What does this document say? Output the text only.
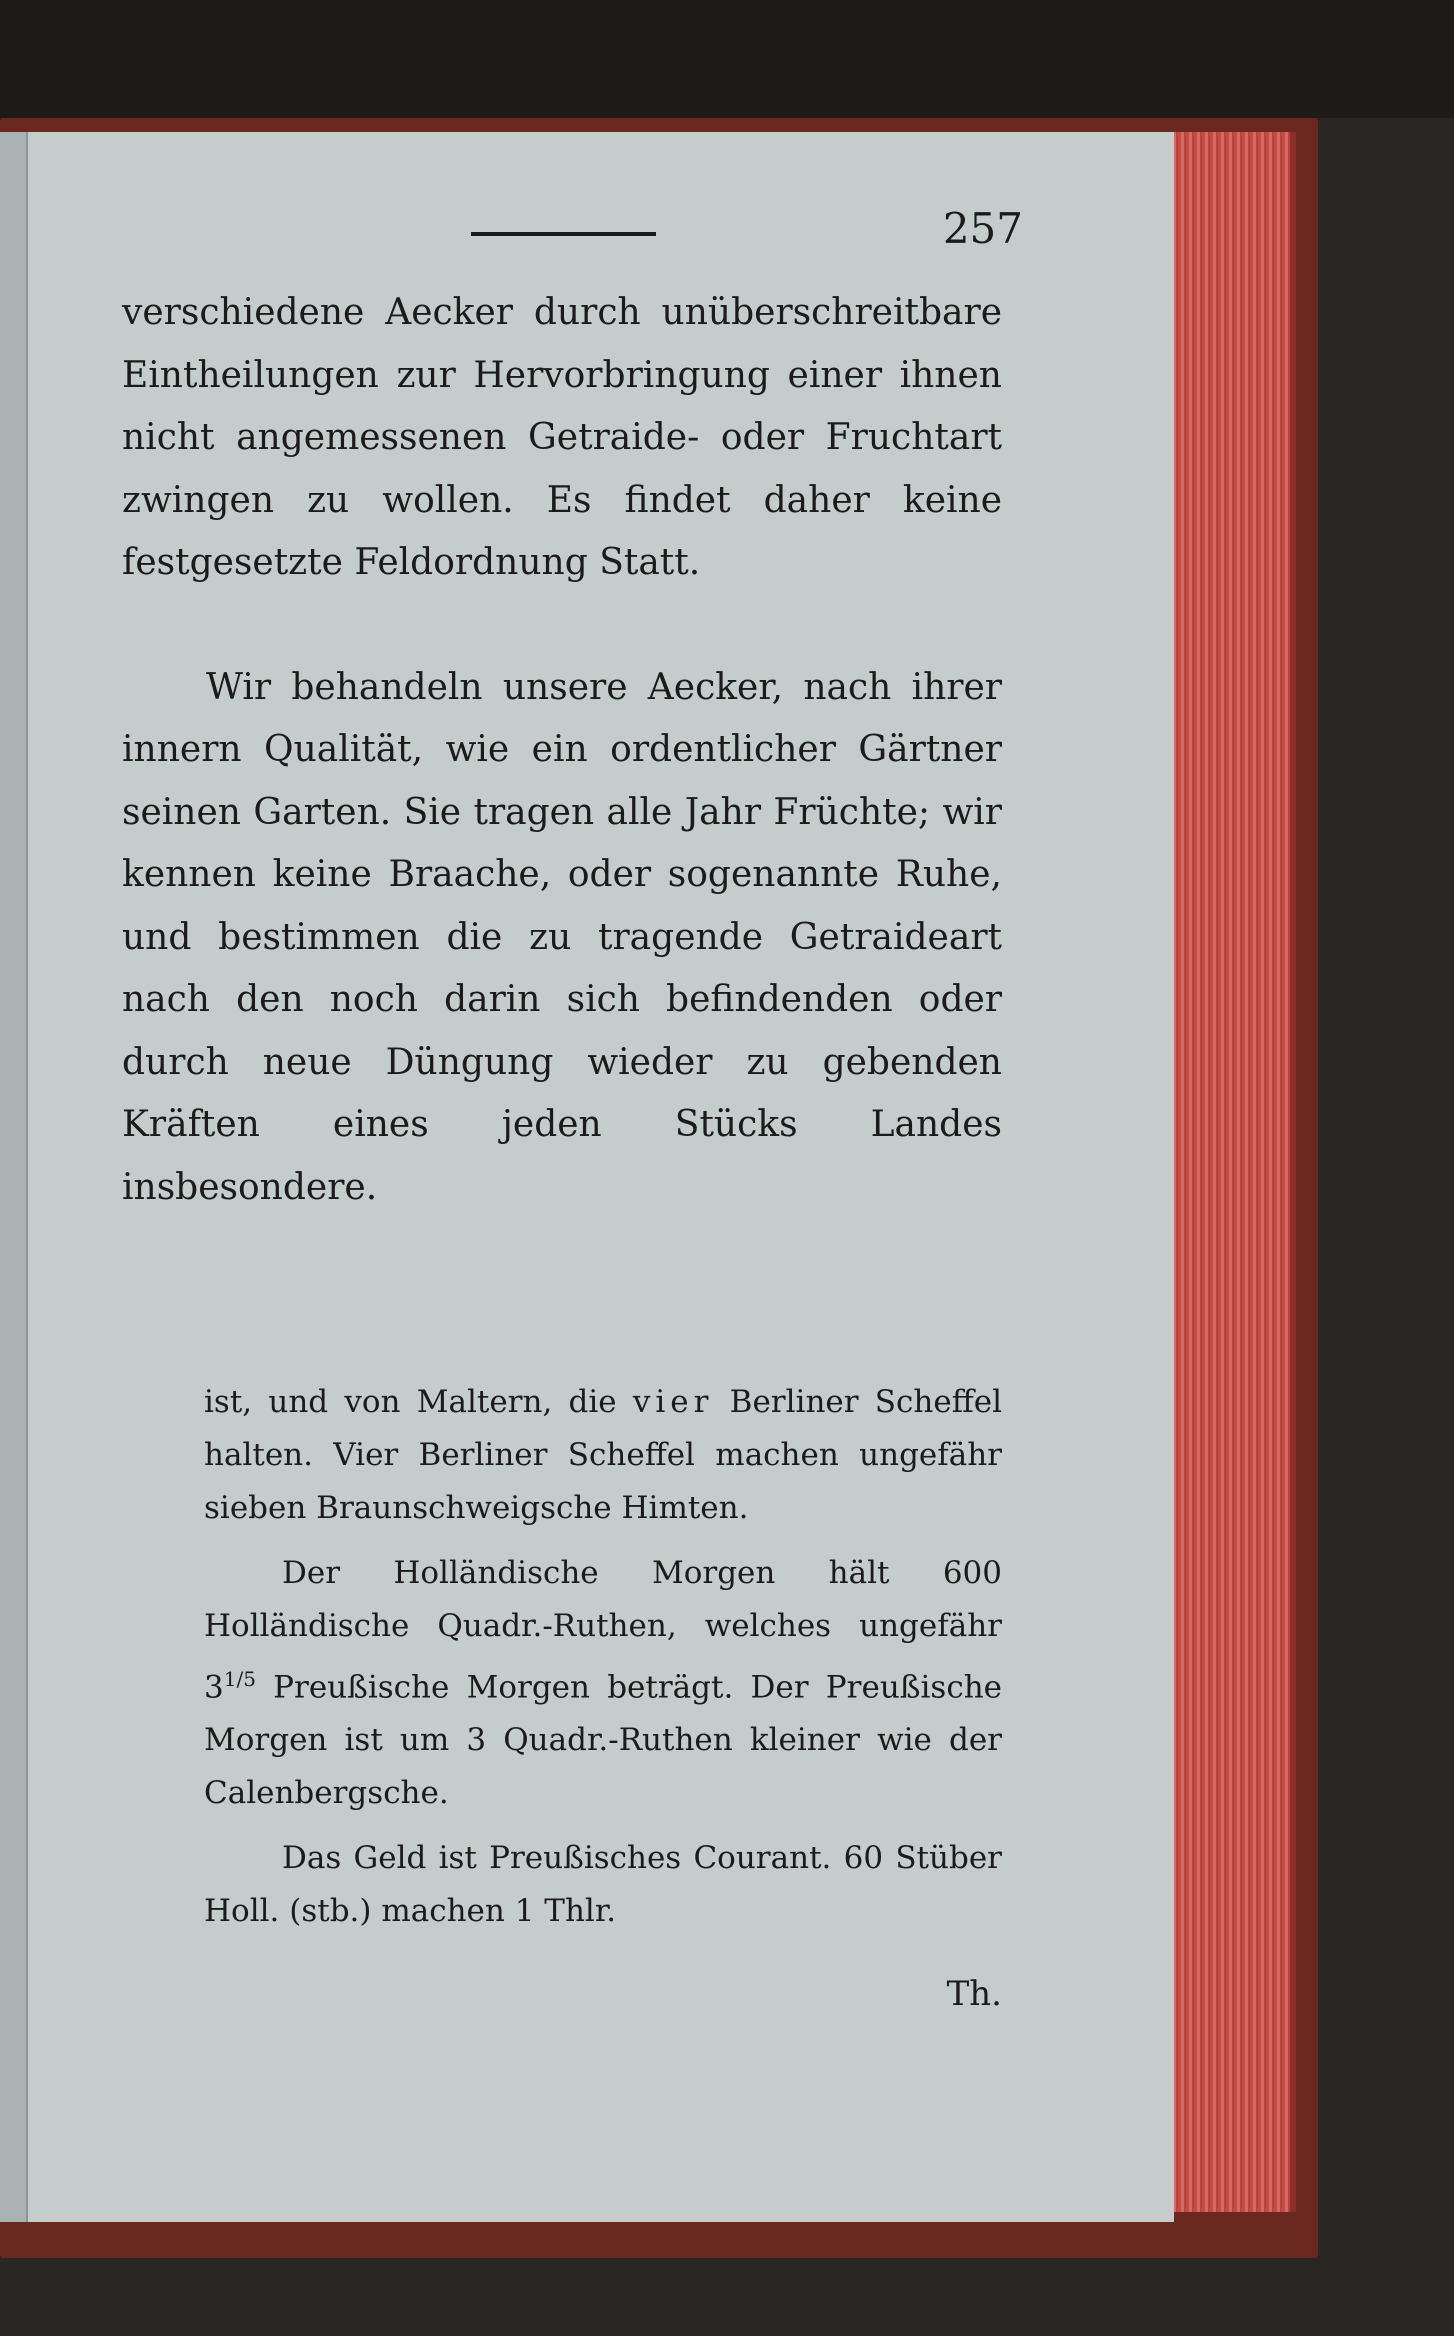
257

verschiedene Aecker durch unüberschreitbare Eintheilungen zur Hervorbringung einer ihnen nicht angemessenen Getraide- oder Fruchtart zwingen zu wollen. Es findet daher keine festgesetzte Feldordnung Statt.

Wir behandeln unsere Aecker, nach ihrer innern Qualität, wie ein ordentlicher Gärtner seinen Garten. Sie tragen alle Jahr Früchte; wir kennen keine Braache, oder sogenannte Ruhe, und bestimmen die zu tragende Getraideart nach den noch darin sich befindenden oder durch neue Düngung wieder zu gebenden Kräften eines jeden Stücks Landes insbesondere.

ist, und von Maltern, die vier Berliner Scheffel halten. Vier Berliner Scheffel machen ungefähr sieben Braunschweigsche Himten.

Der Holländische Morgen hält 600 Holländische Quadr.-Ruthen, welches ungefähr $3^{1/5}$ Preußische Morgen beträgt. Der Preußische Morgen ist um 3 Quadr.-Ruthen kleiner wie der Calenbergsche.

Das Geld ist Preußisches Courant. 60 Stüber Holl. (stb.) machen 1 Thlr.

Th.
